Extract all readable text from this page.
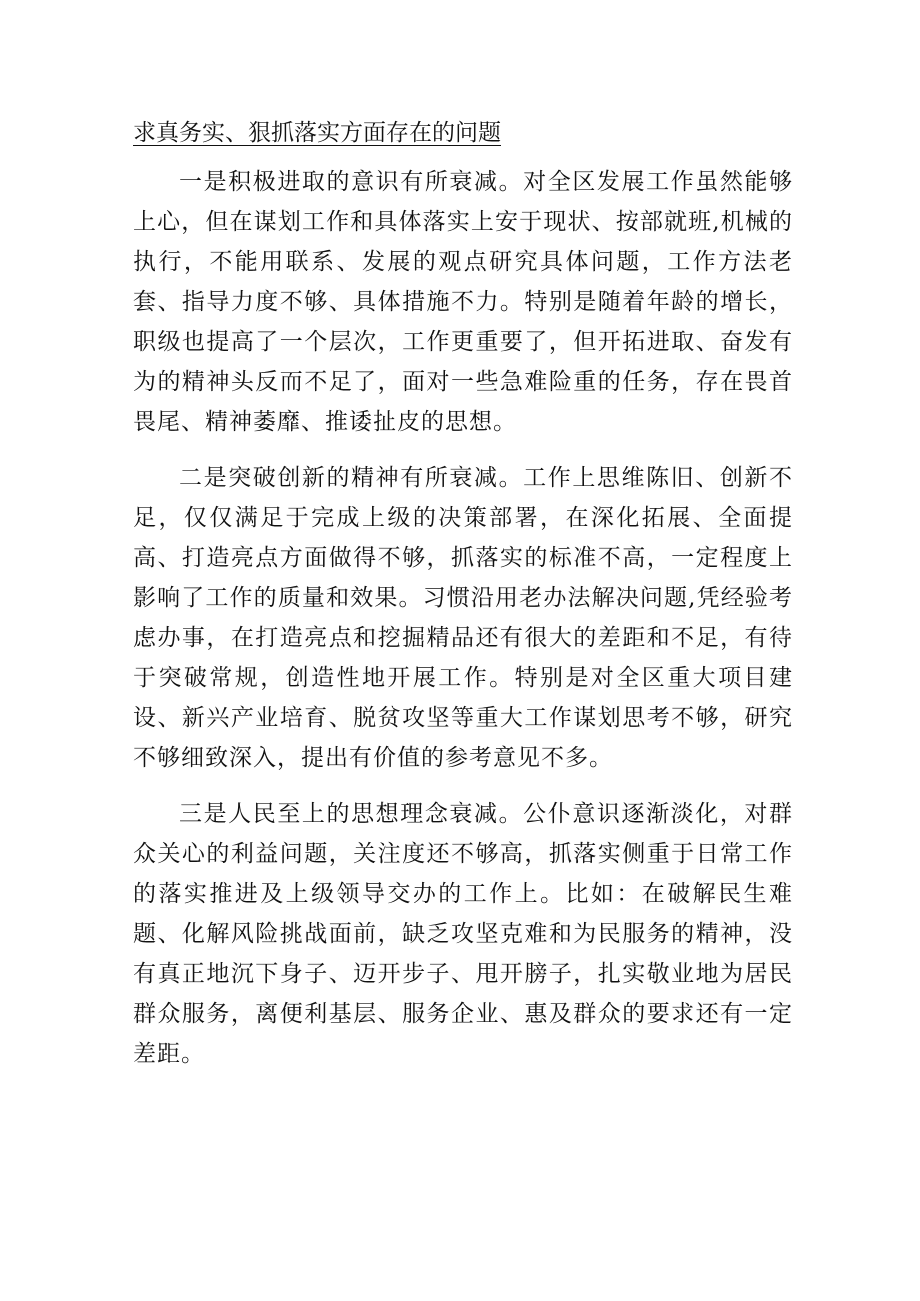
求真务实、狠抓落实方面存在的问题

一是积极进取的意识有所衰减。对全区发展工作虽然能够上心，但在谋划工作和具体落实上安于现状、按部就班,机械的执行，不能用联系、发展的观点研究具体问题，工作方法老套、指导力度不够、具体措施不力。特别是随着年龄的增长，职级也提高了一个层次，工作更重要了，但开拓进取、奋发有为的精神头反而不足了，面对一些急难险重的任务，存在畏首畏尾、精神萎靡、推诿扯皮的思想。

二是突破创新的精神有所衰减。工作上思维陈旧、创新不足，仅仅满足于完成上级的决策部署，在深化拓展、全面提高、打造亮点方面做得不够，抓落实的标准不高，一定程度上影响了工作的质量和效果。习惯沿用老办法解决问题,凭经验考虑办事，在打造亮点和挖掘精品还有很大的差距和不足，有待于突破常规，创造性地开展工作。特别是对全区重大项目建设、新兴产业培育、脱贫攻坚等重大工作谋划思考不够，研究不够细致深入，提出有价值的参考意见不多。

三是人民至上的思想理念衰减。公仆意识逐渐淡化，对群众关心的利益问题，关注度还不够高，抓落实侧重于日常工作的落实推进及上级领导交办的工作上。比如：在破解民生难题、化解风险挑战面前，缺乏攻坚克难和为民服务的精神，没有真正地沉下身子、迈开步子、甩开膀子，扎实敬业地为居民群众服务，离便利基层、服务企业、惠及群众的要求还有一定差距。
